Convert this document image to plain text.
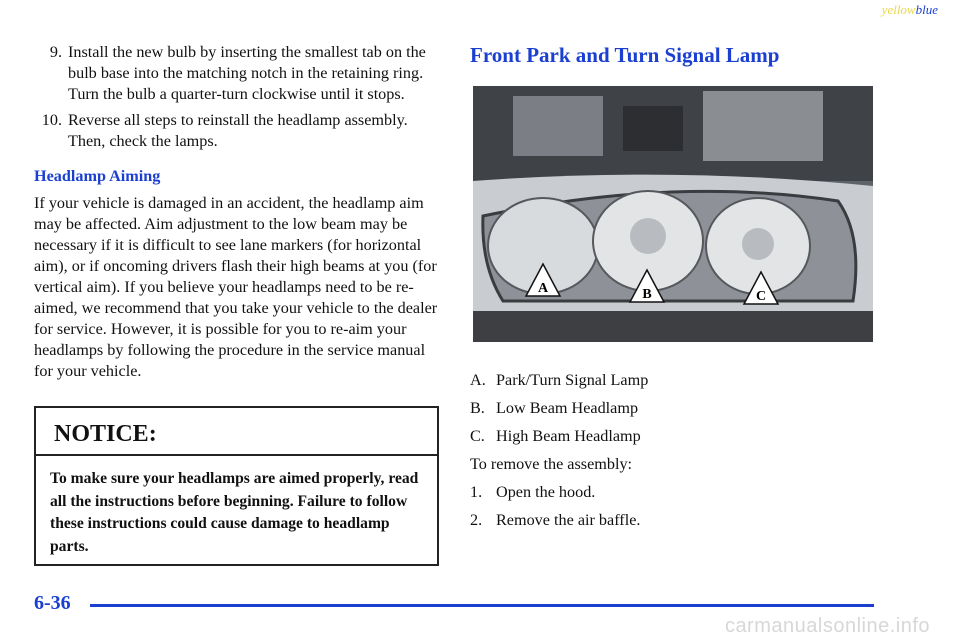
yellowblue
9. Install the new bulb by inserting the smallest tab on the bulb base into the matching notch in the retaining ring. Turn the bulb a quarter-turn clockwise until it stops.
10. Reverse all steps to reinstall the headlamp assembly. Then, check the lamps.
Headlamp Aiming

If your vehicle is damaged in an accident, the headlamp aim may be affected. Aim adjustment to the low beam may be necessary if it is difficult to see lane markers (for horizontal aim), or if oncoming drivers flash their high beams at you (for vertical aim). If you believe your headlamps need to be re-aimed, we recommend that you take your vehicle to the dealer for service. However, it is possible for you to re-aim your headlamps by following the procedure in the service manual for your vehicle.

NOTICE:
To make sure your headlamps are aimed properly, read all the instructions before beginning. Failure to follow these instructions could cause damage to headlamp parts.
Front Park and Turn Signal Lamp
A	B	C
A. Park/Turn Signal Lamp
B. Low Beam Headlamp
C. High Beam Headlamp
To remove the assembly:
1. Open the hood.
2. Remove the air baffle.
6-36
carmanualsonline.info
